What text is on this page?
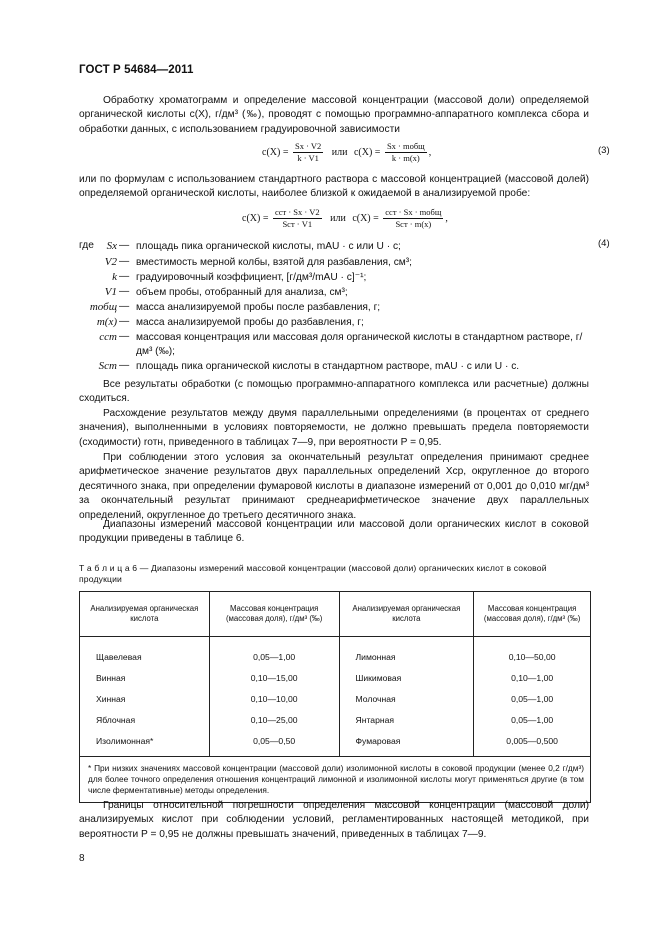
ГОСТ Р 54684—2011
Обработку хроматограмм и определение массовой концентрации (массовой доли) определяемой органической кислоты c(X), г/дм³ (‰), проводят с помощью программно-аппаратного комплекса сбора и обработки данных, с использованием градуировочной зависимости
$c(X) = \frac{Sx \cdot V2}{k \cdot V1}$ или $c(X) = \frac{\text{Sx · mобщ}}{k \cdot m(x)}$ ,	(3)
или по формулам с использованием стандартного раствора с массовой концентрацией (массовой долей) определяемой органической кислоты, наиболее близкой к ожидаемой в анализируемой пробе:
$c(X) = \frac{\text{cст · Sx · V2}}{\text{Sст · V1}}$ или $c(X) = \frac{\text{cст · Sx · mобщ}}{\text{Sст · m(x)}}$ ,
(4)
где Sx — площадь пика органической кислоты, mAU · с или U · с;
V2 — вместимость мерной колбы, взятой для разбавления, см³;
k — градуировочный коэффициент, [г/дм³/mAU · с]⁻¹;
V1 — объем пробы, отобранный для анализа, см³;
mобщ — масса анализируемой пробы после разбавления, г;
m(x) — масса анализируемой пробы до разбавления, г;
cст — массовая концентрация или массовая доля органической кислоты в стандартном растворе, г/дм³ (‰);
Sст — площадь пика органической кислоты в стандартном растворе, mAU · с или U · с.
Все результаты обработки (с помощью программно-аппаратного комплекса или расчетные) должны сходиться.
Расхождение результатов между двумя параллельными определениями (в процентах от среднего значения), выполненными в условиях повторяемости, не должно превышать предела повторяемости (сходимости) rотн, приведенного в таблицах 7—9, при вероятности P = 0,95.
При соблюдении этого условия за окончательный результат определения принимают среднее арифметическое значение результатов двух параллельных определений Xср, округленное до второго десятичного знака, при определении фумаровой кислоты в диапазоне измерений от 0,001 до 0,010 мг/дм³ за окончательный результат принимают среднеарифметическое значение двух параллельных определений, округленное до третьего десятичного знака.
Диапазоны измерений массовой концентрации или массовой доли органических кислот в соковой продукции приведены в таблице 6.
Т а б л и ц а 6 — Диапазоны измерений массовой концентрации (массовой доли) органических кислот в соковой продукции
Анализируемая органическая кислота	Массовая концентрация (массовая доля), г/дм³ (‰)	Анализируемая органическая кислота	Массовая концентрация (массовая доля), г/дм³ (‰)
Щавелевая	0,05—1,00	Лимонная	0,10—50,00
Винная	0,10—15,00	Шикимовая	0,10—1,00
Хинная	0,10—10,00	Молочная	0,05—1,00
Яблочная	0,10—25,00	Янтарная	0,05—1,00
Изолимонная*	0,05—0,50	Фумаровая	0,005—0,500
* При низких значениях массовой концентрации (массовой доли) изолимонной кислоты в соковой продукции (менее 0,2 г/дм³) для более точного определения отношения концентраций лимонной и изолимонной кислоты могут применяться другие (в том числе ферментативные) методы определения.			
Границы относительной погрешности определения массовой концентрации (массовой доли) анализируемых кислот при соблюдении условий, регламентированных настоящей методикой, при вероятности P = 0,95 не должны превышать значений, приведенных в таблицах 7—9.
8
